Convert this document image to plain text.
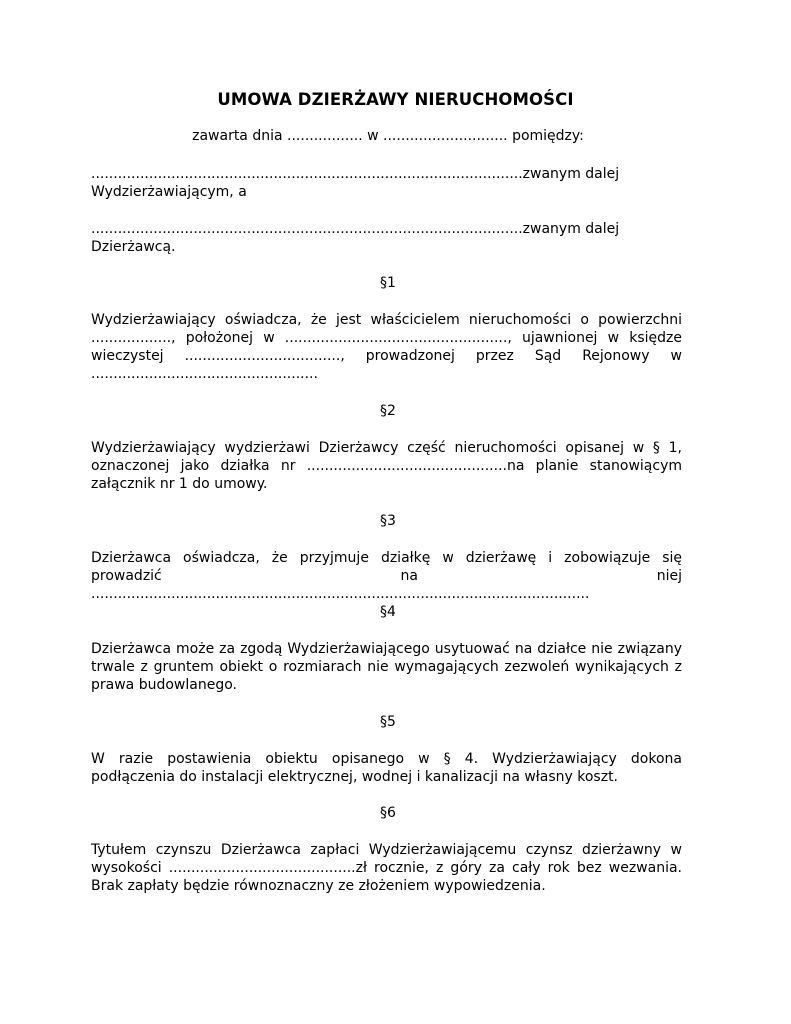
UMOWA DZIERŻAWY NIERUCHOMOŚCI

zawarta dnia ................. w ............................ pomiędzy:

.................................................................................................zwanym dalej
Wydzierżawiającym, a
.................................................................................................zwanym dalej
Dzierżawcą.

§1

Wydzierżawiający oświadcza, że jest właścicielem nieruchomości o powierzchni .................., położonej w .................................................., ujawnionej w księdze wieczystej ..................................., prowadzonej przez Sąd Rejonowy w ...................................................

§2

Wydzierżawiający wydzierżawi Dzierżawcy część nieruchomości opisanej w § 1, oznaczonej jako działka nr .............................................na planie stanowiącym załącznik nr 1 do umowy.

§3

Dzierżawca oświadcza, że przyjmuje działkę w dzierżawę i zobowiązuje się prowadzić na niej ................................................................................................................

§4

Dzierżawca może za zgodą Wydzierżawiającego usytuować na działce nie związany trwale z gruntem obiekt o rozmiarach nie wymagających zezwoleń wynikających z prawa budowlanego.

§5

W razie postawienia obiektu opisanego w § 4. Wydzierżawiający dokona podłączenia do instalacji elektrycznej, wodnej i kanalizacji na własny koszt.

§6

Tytułem czynszu Dzierżawca zapłaci Wydzierżawiającemu czynsz dzierżawny w wysokości ..........................................zł rocznie, z góry za cały rok bez wezwania. Brak zapłaty będzie równoznaczny ze złożeniem wypowiedzenia.
